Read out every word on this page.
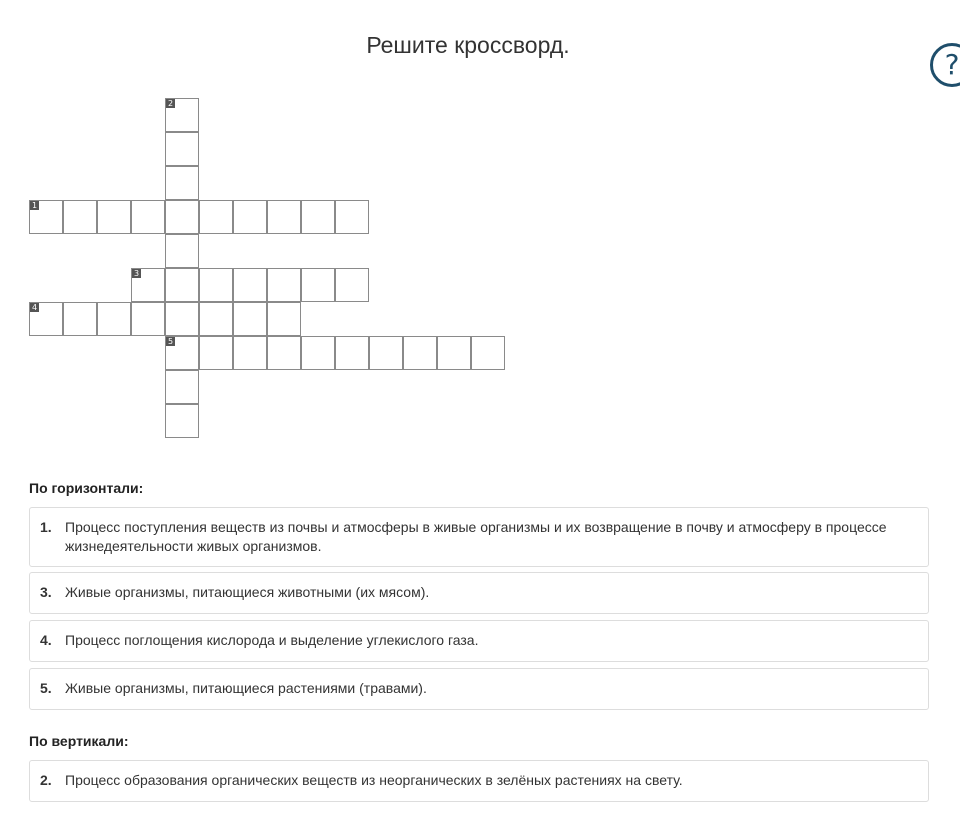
Решите кроссворд.
?
2
1
3
4
5
По горизонтали:
1. Процесс поступления веществ из почвы и атмосферы в живые организмы и их возвращение в почву и атмосферу в процессе жизнедеятельности живых организмов.
3. Живые организмы, питающиеся животными (их мясом).
4. Процесс поглощения кислорода и выделение углекислого газа.
5. Живые организмы, питающиеся растениями (травами).
По вертикали:
2. Процесс образования органических веществ из неорганических в зелёных растениях на свету.
